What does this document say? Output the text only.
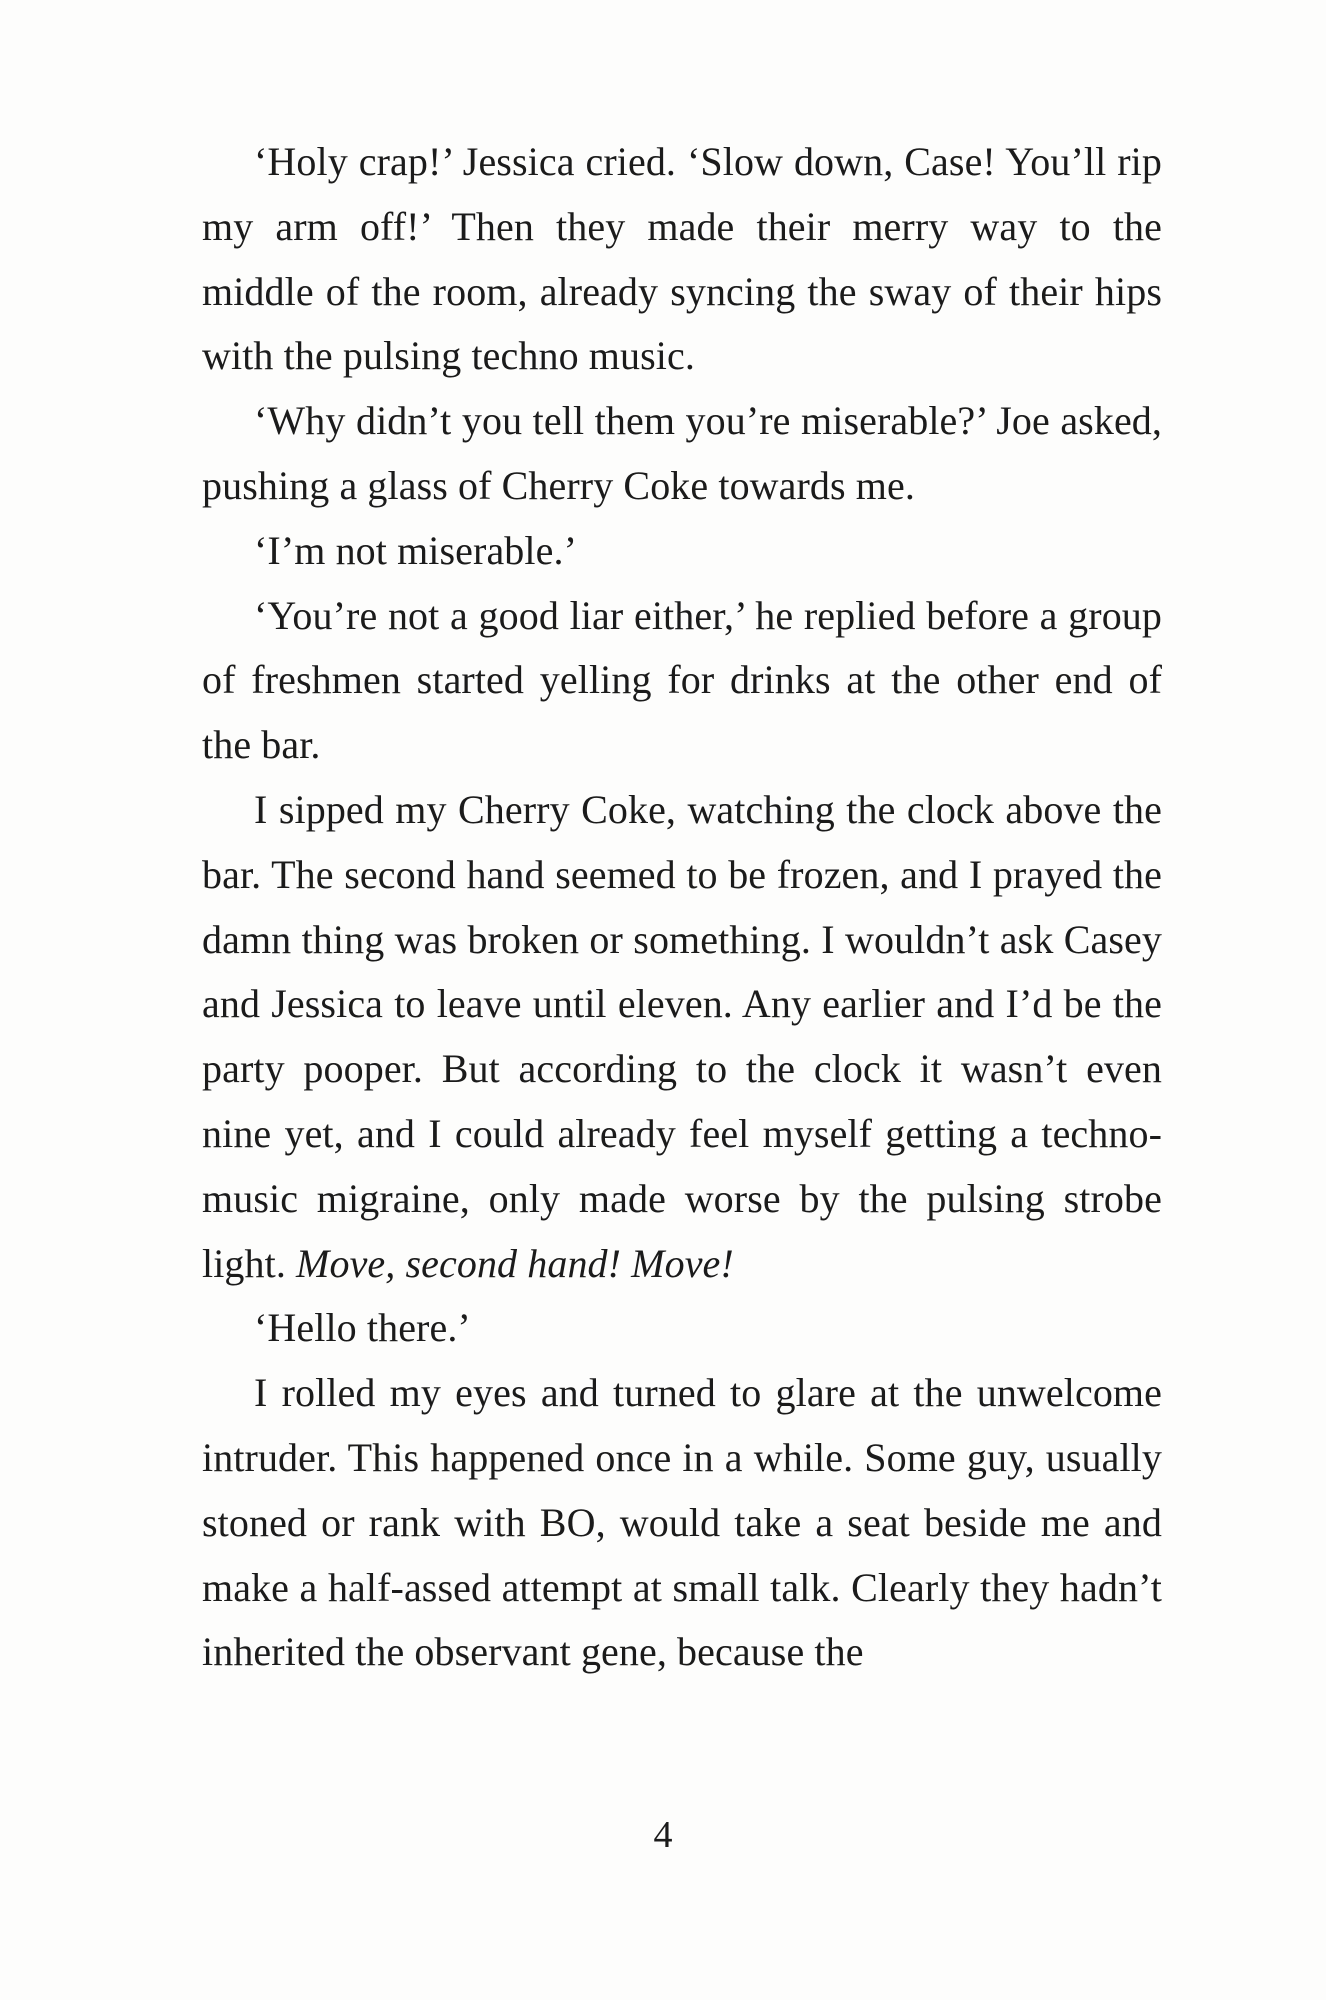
‘Holy crap!’ Jessica cried. ‘Slow down, Case! You’ll rip my arm off!’ Then they made their merry way to the middle of the room, already syncing the sway of their hips with the pulsing techno music.

‘Why didn’t you tell them you’re miserable?’ Joe asked, pushing a glass of Cherry Coke towards me.

‘I’m not miserable.’

‘You’re not a good liar either,’ he replied before a group of freshmen started yelling for drinks at the other end of the bar.

I sipped my Cherry Coke, watching the clock above the bar. The second hand seemed to be frozen, and I prayed the damn thing was broken or something. I wouldn’t ask Casey and Jessica to leave until eleven. Any earlier and I’d be the party pooper. But according to the clock it wasn’t even nine yet, and I could already feel myself getting a techno-music migraine, only made worse by the pulsing strobe light. Move, second hand! Move!

‘Hello there.’

I rolled my eyes and turned to glare at the unwelcome intruder. This happened once in a while. Some guy, usually stoned or rank with BO, would take a seat beside me and make a half-assed attempt at small talk. Clearly they hadn’t inherited the observant gene, because the

4
